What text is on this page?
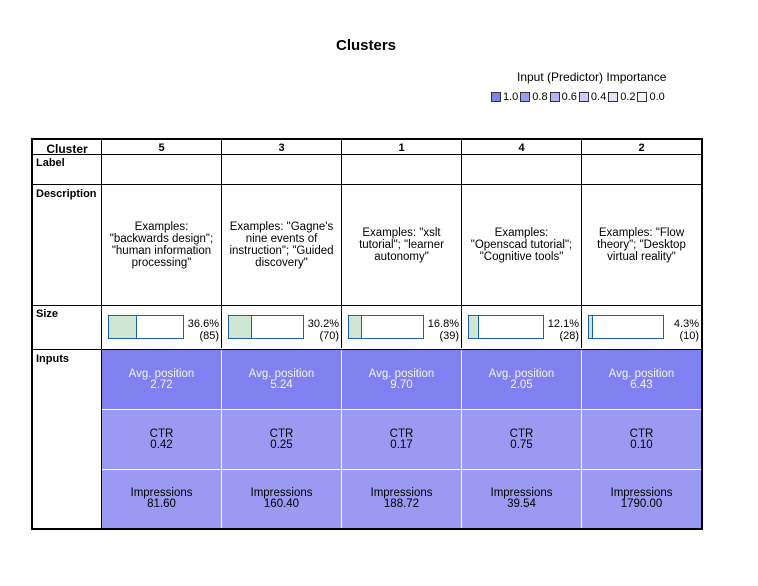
Clusters
Input (Predictor) Importance
1.0 0.8 0.6 0.4 0.2 0.0
Cluster
Label
Description
Size
Inputs
5
Examples: "backwards design"; "human information processing"
36.6%
(85)
Avg. position
2.72
CTR
0.42
Impressions
81.60
3
Examples: "Gagne's nine events of instruction"; "Guided discovery"
30.2%
(70)
Avg. position
5.24
CTR
0.25
Impressions
160.40
1
Examples: "xslt tutorial"; "learner autonomy"
16.8%
(39)
Avg. position
9.70
CTR
0.17
Impressions
188.72
4
Examples: "Openscad tutorial"; "Cognitive tools"
12.1%
(28)
Avg. position
2.05
CTR
0.75
Impressions
39.54
2
Examples: "Flow theory"; "Desktop virtual reality"
4.3%
(10)
Avg. position
6.43
CTR
0.10
Impressions
1790.00
